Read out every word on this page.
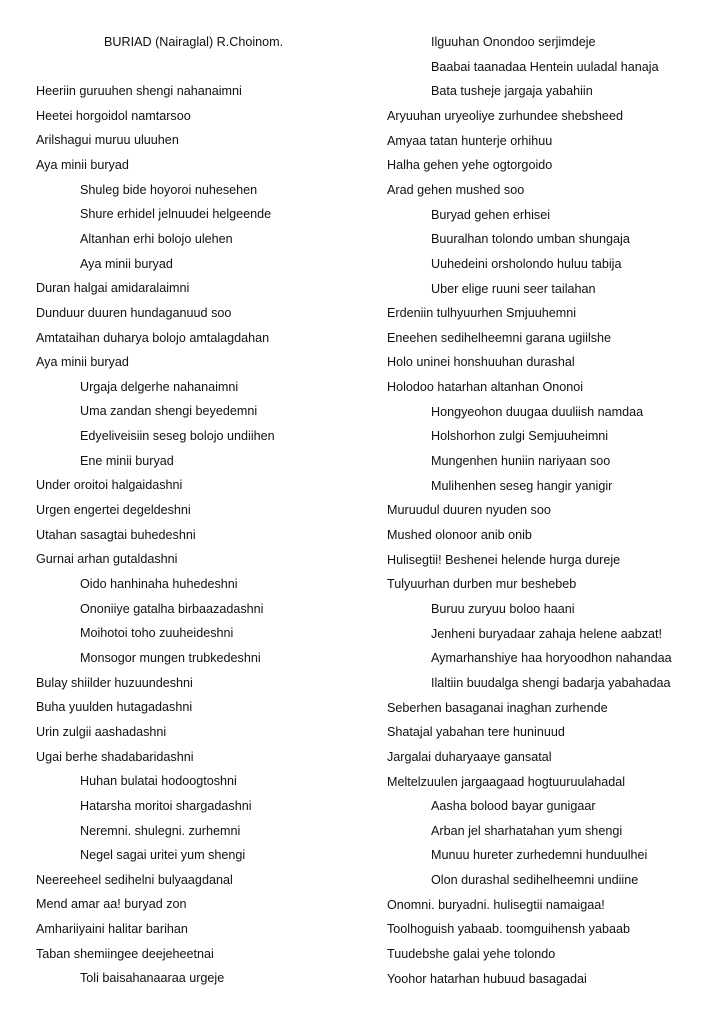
BURIAD (Nairaglal) R.Choinom.
Heeriin guruuhen shengi nahanaimni
Heetei horgoidol namtarsoo
Arilshagui muruu uluuhen
Aya minii buryad
Shuleg bide hoyoroi nuhesehen
Shure erhidel jelnuudei helgeende
Altanhan erhi bolojo ulehen
Aya minii buryad
Duran halgai amidaralaimni
Dunduur duuren hundaganuud soo
Amtataihan duharya bolojo amtalagdahan
Aya minii buryad
Urgaja delgerhe nahanaimni
Uma zandan shengi beyedemni
Edyeliveisiin seseg bolojo undiihen
Ene minii buryad
Under oroitoi halgaidashni
Urgen engertei degeldeshni
Utahan sasagtai buhedeshni
Gurnai arhan gutaldashni
Oido hanhinaha huhedeshni
Ononiiye gatalha birbaazadashni
Moihotoi toho zuuheideshni
Monsogor mungen trubkedeshni
Bulay shiilder huzuundeshni
Buha yuulden hutagadashni
Urin zulgii aashadashni
Ugai berhe shadabaridashni
Huhan bulatai hodoogtoshni
Hatarsha moritoi shargadashni
Neremni. shulegni. zurhemni
Negel sagai uritei yum shengi
Neereeheel sedihelni bulyaagdanal
Mend amar aa! buryad zon
Amhariiyaini halitar barihan
Taban shemiingee deejeheetnai
Toli baisahanaaraa urgeje
Ilguuhan Onondoo serjimdeje
Baabai taanadaa Hentein uuladal hanaja
Bata tusheje jargaja yabahiin
Aryuuhan uryeoliye zurhundee shebsheed
Amyaa tatan hunterje orhihuu
Halha gehen yehe ogtorgoido
Arad gehen mushed soo
Buryad gehen erhisei
Buuralhan tolondo umban shungaja
Uuhedeini orsholondo huluu tabija
Uber elige ruuni seer tailahan
Erdeniin tulhyuurhen Smjuuhemni
Eneehen sedihelheemni garana ugiilshe
Holo uninei honshuuhan durashal
Holodoo hatarhan altanhan Ononoi
Hongyeohon duugaa duuliish namdaa
Holshorhon zulgi Semjuuheimni
Mungenhen huniin nariyaan soo
Mulihenhen seseg hangir yanigir
Muruudul duuren nyuden soo
Mushed olonoor anib onib
Hulisegtii! Beshenei helende hurga dureje
Tulyuurhan durben mur beshebeb
Buruu zuryuu boloo haani
Jenheni buryadaar zahaja helene aabzat!
Aymarhanshiye haa horyoodhon nahandaa
Ilaltiin buudalga shengi badarja yabahadaa
Seberhen basaganai inaghan zurhende
Shatajal yabahan tere huninuud
Jargalai duharyaaye gansatal
Meltelzuulen jargaagaad hogtuuruulahadal
Aasha bolood bayar gunigaar
Arban jel sharhatahan yum shengi
Munuu hureter zurhedemni hunduulhei
Olon durashal sedihelheemni undiine
Onomni. buryadni. hulisegtii namaigaa!
Toolhoguish yabaab. toomguihensh yabaab
Tuudebshe galai yehe tolondo
Yoohor hatarhan hubuud basagadai
